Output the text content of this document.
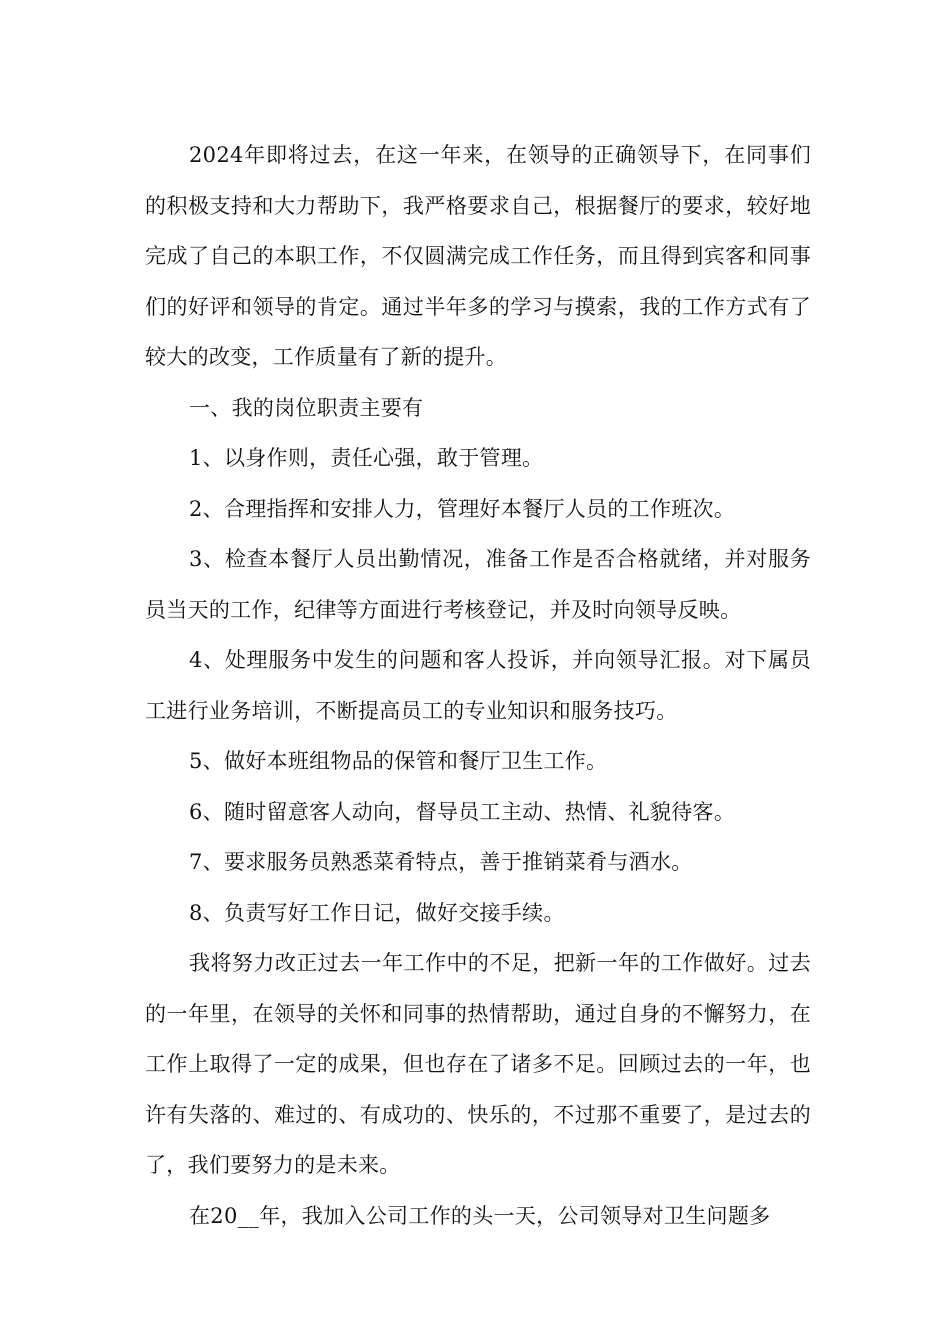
2024年即将过去，在这一年来，在领导的正确领导下，在同事们的积极支持和大力帮助下，我严格要求自己，根据餐厅的要求，较好地完成了自己的本职工作，不仅圆满完成工作任务，而且得到宾客和同事们的好评和领导的肯定。通过半年多的学习与摸索，我的工作方式有了较大的改变，工作质量有了新的提升。

一、我的岗位职责主要有

1、以身作则，责任心强，敢于管理。

2、合理指挥和安排人力，管理好本餐厅人员的工作班次。

3、检查本餐厅人员出勤情况，准备工作是否合格就绪，并对服务员当天的工作，纪律等方面进行考核登记，并及时向领导反映。

4、处理服务中发生的问题和客人投诉，并向领导汇报。对下属员工进行业务培训，不断提高员工的专业知识和服务技巧。

5、做好本班组物品的保管和餐厅卫生工作。

6、随时留意客人动向，督导员工主动、热情、礼貌待客。

7、要求服务员熟悉菜肴特点，善于推销菜肴与酒水。

8、负责写好工作日记，做好交接手续。

我将努力改正过去一年工作中的不足，把新一年的工作做好。过去的一年里，在领导的关怀和同事的热情帮助，通过自身的不懈努力，在工作上取得了一定的成果，但也存在了诸多不足。回顾过去的一年，也许有失落的、难过的、有成功的、快乐的，不过那不重要了，是过去的了，我们要努力的是未来。

在20__年，我加入公司工作的头一天，公司领导对卫生问题多
